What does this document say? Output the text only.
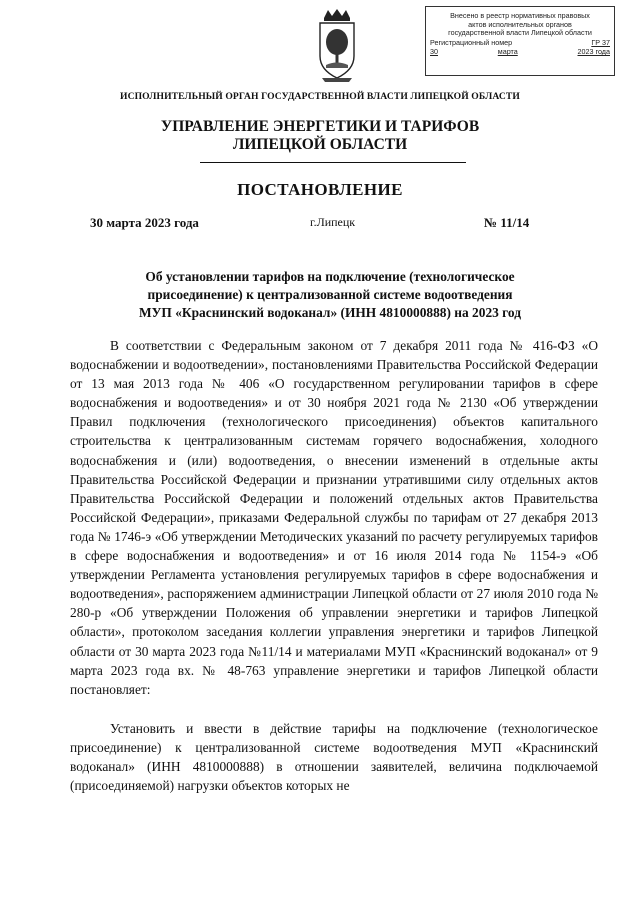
Внесено в реестр нормативных правовых
актов исполнительных органов
государственной власти Липецкой области
Регистрационный номер	ГР 37
30	марта	2023 года
ИСПОЛНИТЕЛЬНЫЙ ОРГАН ГОСУДАРСТВЕННОЙ ВЛАСТИ ЛИПЕЦКОЙ ОБЛАСТИ
УПРАВЛЕНИЕ ЭНЕРГЕТИКИ И ТАРИФОВ
ЛИПЕЦКОЙ ОБЛАСТИ
ПОСТАНОВЛЕНИЕ
30 марта 2023 года	г.Липецк	№ 11/14
Об установлении тарифов на подключение (технологическое
присоединение) к централизованной системе водоотведения
МУП «Краснинский водоканал» (ИНН 4810000888) на 2023 год

В соответствии с Федеральным законом от 7 декабря 2011 года № 416-ФЗ «О водоснабжении и водоотведении», постановлениями Правительства Российской Федерации от 13 мая 2013 года № 406 «О государственном регулировании тарифов в сфере водоснабжения и водоотведения» и от 30 ноября 2021 года № 2130 «Об утверждении Правил подключения (технологического присоединения) объектов капитального строительства к централизованным системам горячего водоснабжения, холодного водоснабжения и (или) водоотведения, о внесении изменений в отдельные акты Правительства Российской Федерации и признании утратившими силу отдельных актов Правительства Российской Федерации и положений отдельных актов Правительства Российской Федерации», приказами Федеральной службы по тарифам от 27 декабря 2013 года № 1746-э «Об утверждении Методических указаний по расчету регулируемых тарифов в сфере водоснабжения и водоотведения» и от 16 июля 2014 года № 1154-э «Об утверждении Регламента установления регулируемых тарифов в сфере водоснабжения и водоотведения», распоряжением администрации Липецкой области от 27 июля 2010 года № 280-р «Об утверждении Положения об управлении энергетики и тарифов Липецкой области», протоколом заседания коллегии управления энергетики и тарифов Липецкой области от 30 марта 2023 года №11/14 и материалами МУП «Краснинский водоканал» от 9 марта 2023 года вх. № 48-763 управление энергетики и тарифов Липецкой области постановляет:

Установить и ввести в действие тарифы на подключение (технологическое присоединение) к централизованной системе водоотведения МУП «Краснинский водоканал» (ИНН 4810000888) в отношении заявителей, величина подключаемой (присоединяемой) нагрузки объектов которых не
